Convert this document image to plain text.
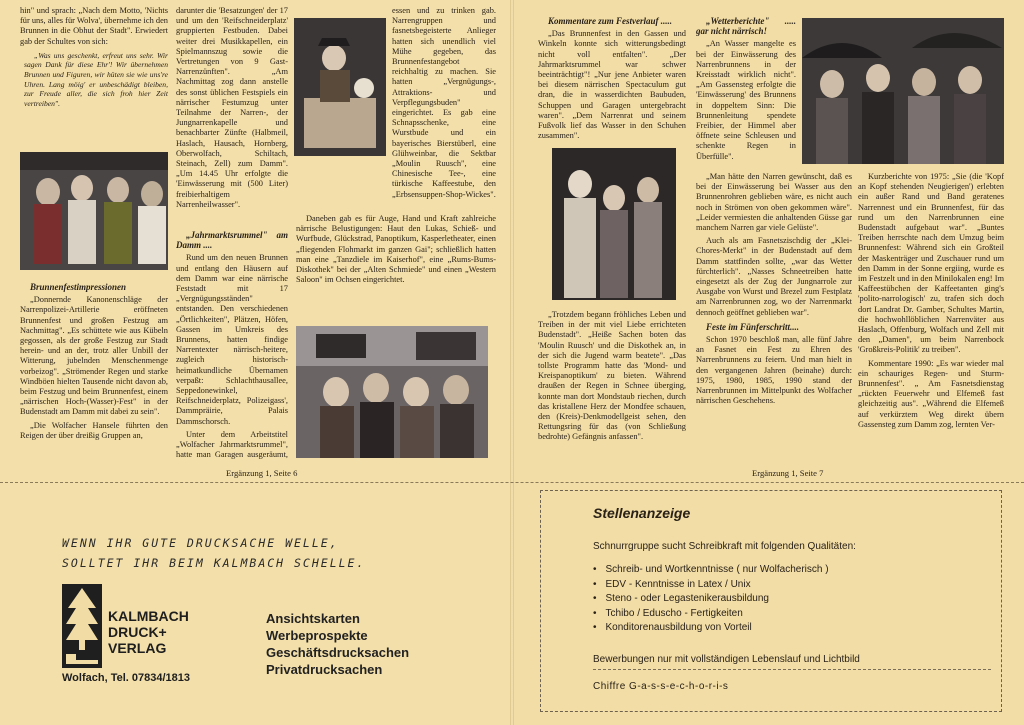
hin" und sprach: „Nach dem Motto, 'Nichts für uns, alles für Wolva', übernehme ich den Brunnen in die Obhut der Stadt". Erwiedert gab der Schultes von sich:

„Was uns geschenkt, erfreut uns sehr. Wir sagen Dank für diese Ehr'! Wir übernehmen Brunnen und Figuren, wir hüten sie wie uns're Uhren. Lang möig' er unbeschädigt bleiben, zur Freude aller, die sich froh hier Zeit vertreiben".

Brunnenfestimpressionen

„Donnernde Kanonenschläge der Narrenpolizei-Artillerie eröffneten Brunnenfest und großen Festzug am Nachmittag". „Es schüttete wie aus Kübeln gegossen, als der große Festzug zur Stadt herein- und an der, trotz aller Unbill der Witterung, jubelnden Menschenmenge vorbeizog". „Strömender Regen und starke Windböen hielten Tausende nicht davon ab, beim Festzug und beim Brunnenfest, einem „närrischen Hoch-(Wasser)-Fest" in der Budenstadt am Damm mit dabei zu sein".

„Die Wolfacher Hansele führten den Reigen der über dreißig Gruppen an,

darunter die 'Besatzungen' der 17 und um den 'Reifschneiderplatz' gruppierten Festbuden. Dabei weiter drei Musikkapellen, ein Spielmannszug sowie die Vertretungen von 9 Gast-Narrenzünften". „Am Nachmittag zog dann anstelle des sonst üblichen Festspiels ein närrischer Festumzug unter Teilnahme der Narren-, der Jungnarrenkapelle und benachbarter Zünfte (Halbmeil, Haslach, Hausach, Hornberg, Oberwolfach, Schiltach, Steinach, Zell) zum Damm". „Um 14.45 Uhr erfolgte die 'Einwässerung mit (500 Liter) freibierhaltigem Narrenheilwasser".

„Jahrmarktsrummel" am Damm ....

Rund um den neuen Brunnen und entlang den Häusern auf dem Damm war eine närrische Feststadt mit 17 „Vergnügungsständen" entstanden. Den verschiedenen „Örtlichkeiten", Plätzen, Höfen, Gassen im Umkreis des Brunnens, hatten findige Narrentexter närrisch-heitere, zugleich historisch-heimatkundliche Übernamen verpaßt: Schlachthausallee, Seppedonewinkel, Reifschneiderplatz, Polizeigass', Dammpräirie, Palais Dammschorsch.

Unter dem Arbeitstitel „Wolfacher Jahrmarktsrummel", hatte man Garagen ausgeräumt,

essen und zu trinken gab. Narrengruppen und fasnetsbegeisterte Anlieger hatten sich unendlich viel Mühe gegeben, das Brunnenfestangebot reichhaltig zu machen. Sie hatten „Vergnügungs-, Attraktions- und Verpflegungsbuden" eingerichtet. Es gab eine Schnapsschenke, eine Wurstbude und ein bayerisches Bierstüberl, eine Glühweinbar, die Sektbar „Moulin Ruusch", eine Chinesische Tee-, eine türkische Kaffeestube, den „Erbsensuppen-Shop-Wickes".

Daneben gab es für Auge, Hand und Kraft zahlreiche närrische Belustigungen: Haut den Lukas, Schieß- und Wurfbude, Glückstrad, Panoptikum, Kasperletheater, einen „fliegenden Flohmarkt im ganzen Gai"; schließlich hatten man eine „Tanzdiele im Kaiserhof", eine „Rums-Bums-Diskothek" bei der „Alten Schmiede" und einen „Western Saloon" im Ochsen eingerichtet.

Ergänzung 1, Seite 6

Kommentare zum Festverlauf .....

„Das Brunnenfest in den Gassen und Winkeln konnte sich witterungsbedingt nicht voll entfalten". „Der Jahrmarktsrummel war schwer beeinträchtigt"! „Nur jene Anbieter waren bei diesem närrischen Spectaculum gut dran, die in wasserdichten Baubuden, Schuppen und Garagen untergebracht waren". „Dem Narrenrat und seinem Fußvolk lief das Wasser in den Schuhen zusammen".

„Trotzdem begann fröhliches Leben und Treiben in der mit viel Liebe errichteten Budenstadt". „Heiße Sachen boten das 'Moulin Ruusch' und die Diskothek an, in der sich die Jugend warm beatete". „Das tollste Programm hatte das 'Mond- und Kreispanoptikum' zu bieten. Während draußen der Regen in Schnee überging, konnte man dort Mondstaub riechen, durch das kristallene Herz der Mondfee schauen, den (Kreis)-Denkmodellgeist sehen, den Rettungsring für das (von Schließung bedrohte) Gefängnis anfassen".

„Wetterberichte" ..... gar nicht närrisch!

„An Wasser mangelte es bei der Einwässerung des Narrenbrunnens in der Kreisstadt wirklich nicht". „Am Gassensteg erfolgte die 'Einwässerung' des Brunnens in doppeltem Sinn: Die Brunnenleitung spendete Freibier, der Himmel aber öffnete seine Schleusen und schenkte Regen in Überfülle".

„Man hätte den Narren gewünscht, daß es bei der Einwässerung bei Wasser aus den Brunnenrohren geblieben wäre, es nicht auch noch in Strömen von oben gekommen wäre". „Leider vermiesten die anhaltenden Güsse gar manchem Narren gar viele Gelüste".

Auch als am Fasnetszischdig der „Klei-Chores-Merkt" in der Budenstadt auf dem Damm stattfinden sollte, „war das Wetter fürchterlich". „Nasses Schneetreiben hatte eingesetzt als der Zug der Jungnarrole zur Ausgabe von Wurst und Brezel zum Festplatz am Narrenbrunnen zog, wo der Narrenmarkt dennoch geöffnet geblieben war".

Feste im Fünferschritt....

Schon 1970 beschloß man, alle fünf Jahre an Fasnet ein Fest zu Ehren des Narrenbrunnens zu feiern. Und man hielt in den vergangenen Jahren (beinahe) durch: 1975, 1980, 1985, 1990 stand der Narrenbrunnen im Mittelpunkt des Wolfacher närrischen Geschehens.

Kurzberichte von 1975: „Sie (die 'Kopf an Kopf stehenden Neugierigen') erlebten ein außer Rand und Band geratenes Narrennest und ein Brunnenfest, für das rund um den Narrenbrunnen eine Budenstadt aufgebaut war". „Buntes Treiben herrschte nach dem Umzug beim Brunnenfest: Während sich ein Großteil der Maskenträger und Zuschauer rund um den Damm in der Sonne ergiing, wurde es im Festzelt und in den Minilokalen eng! Im Kaffeestübchen der Kaffeetanten ging's 'polito-narrologisch' zu, trafen sich doch dort Landrat Dr. Gamber, Schultes Martin, die hochwohllöblichen Narrenväter aus Haslach, Offenburg, Wolfach und Zell mit den „Damen", um beim Narrenbock 'Großkreis-Politik' zu treiben".

Kommentare 1990: „Es war wieder mal ein schauriges Regen- und Sturm-Brunnenfest". „ Am Fasnetsdienstag „rückten Feuerwehr und Elfemeß fast gleichzeitig aus". „Während die Elfemeß auf verkürztem Weg direkt übern Gassensteg zum Damm zog, lernten Ver-

Ergänzung 1, Seite 7
WENN IHR GUTE DRUCKSACHE WELLE,
SOLLTET IHR BEIM KALMBACH SCHELLE.
KALMBACH
DRUCK+
VERLAG
Wolfach, Tel. 07834/1813
Ansichtskarten
Werbeprospekte
Geschäftsdrucksachen
Privatdrucksachen
Stellenanzeige
Schnurrgruppe sucht Schreibkraft mit folgenden Qualitäten:
• Schreib- und Wortkenntnisse ( nur Wolfacherisch )
• EDV - Kenntnisse in Latex / Unix
• Steno - oder Legastenikerausbildung
• Tchibo / Eduscho - Fertigkeiten
• Konditorenausbildung von Vorteil
Bewerbungen nur mit vollständigen Lebenslauf und Lichtbild
Chiffre G-a-s-s-e-c-h-o-r-i-s
